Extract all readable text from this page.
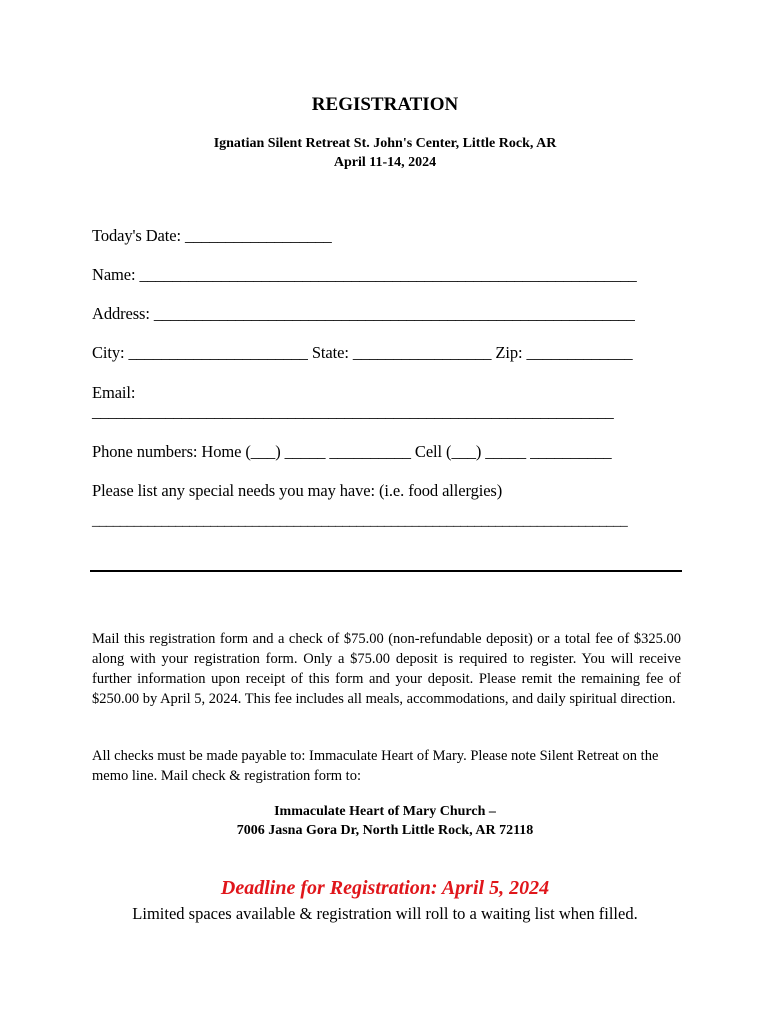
REGISTRATION
Ignatian Silent Retreat St. John's Center, Little Rock, AR
April 11-14, 2024
Today's Date: __________________
Name: _____________________________________________________________
Address: ___________________________________________________________
City: ______________________ State: _________________ Zip: _____________
Email:
________________________________________________________________
Phone numbers: Home (___) _____ __________ Cell (___) _____ __________
Please list any special needs you may have: (i.e. food allergies)
_____________________________________________________________________________
Mail this registration form and a check of $75.00 (non-refundable deposit) or a total fee of $325.00 along with your registration form. Only a $75.00 deposit is required to register. You will receive further information upon receipt of this form and your deposit. Please remit the remaining fee of $250.00 by April 5, 2024. This fee includes all meals, accommodations, and daily spiritual direction.
All checks must be made payable to: Immaculate Heart of Mary. Please note Silent Retreat on the memo line. Mail check & registration form to:
Immaculate Heart of Mary Church –
7006 Jasna Gora Dr, North Little Rock, AR 72118
Deadline for Registration: April 5, 2024
Limited spaces available & registration will roll to a waiting list when filled.
